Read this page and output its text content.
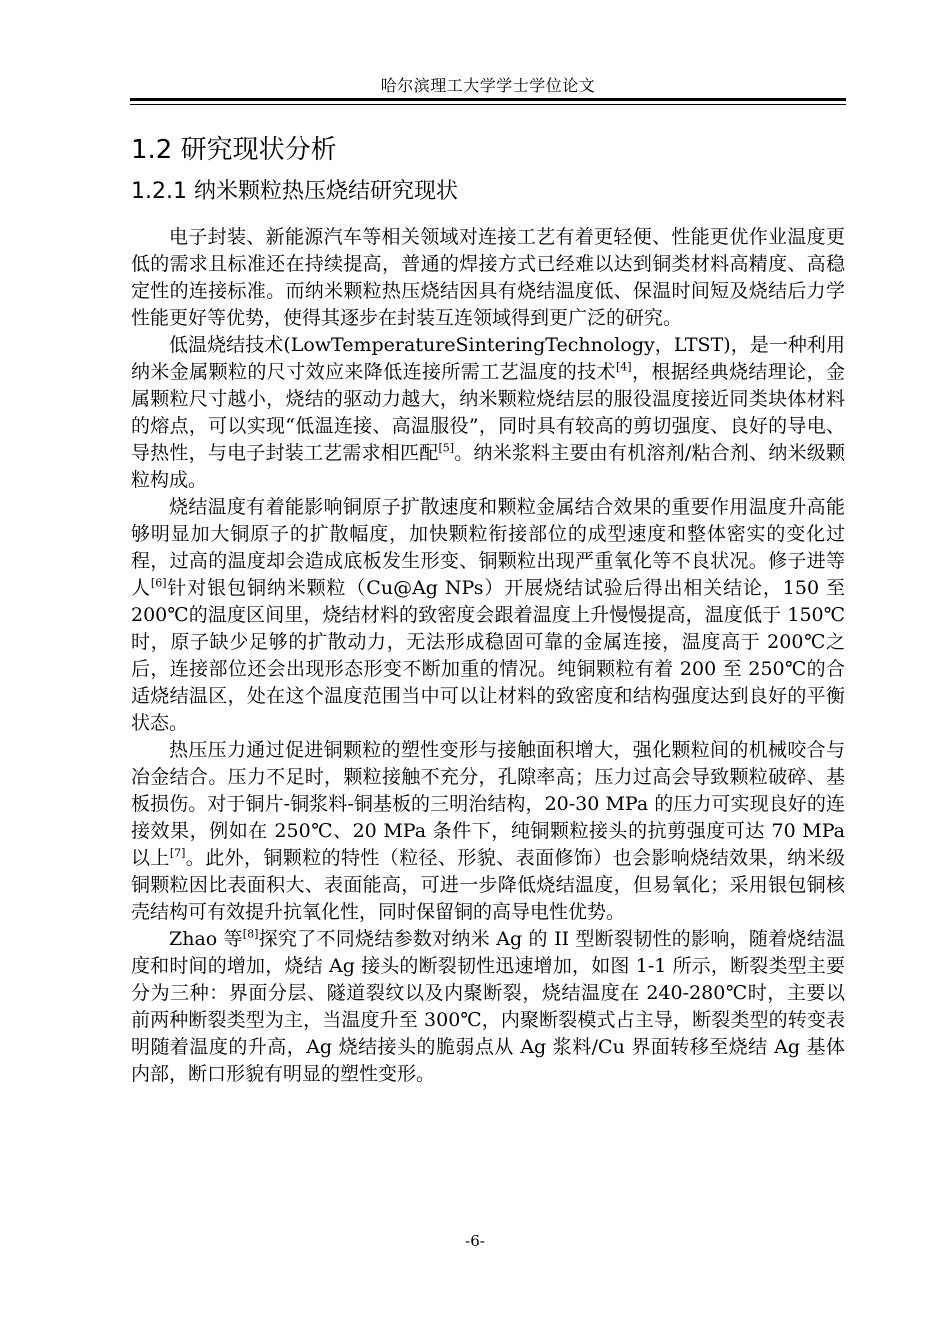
哈尔滨理工大学学士学位论文
1.2 研究现状分析
1.2.1 纳米颗粒热压烧结研究现状

电子封装、新能源汽车等相关领域对连接工艺有着更轻便、性能更优作业温度更低的需求且标准还在持续提高，普通的焊接方式已经难以达到铜类材料高精度、高稳定性的连接标准。而纳米颗粒热压烧结因具有烧结温度低、保温时间短及烧结后力学性能更好等优势，使得其逐步在封装互连领域得到更广泛的研究。

低温烧结技术(LowTemperatureSinteringTechnology，LTST)，是一种利用纳米金属颗粒的尺寸效应来降低连接所需工艺温度的技术[4]，根据经典烧结理论，金属颗粒尺寸越小，烧结的驱动力越大，纳米颗粒烧结层的服役温度接近同类块体材料的熔点，可以实现“低温连接、高温服役”，同时具有较高的剪切强度、良好的导电、导热性，与电子封装工艺需求相匹配[5]。纳米浆料主要由有机溶剂/粘合剂、纳米级颗粒构成。

烧结温度有着能影响铜原子扩散速度和颗粒金属结合效果的重要作用温度升高能够明显加大铜原子的扩散幅度，加快颗粒衔接部位的成型速度和整体密实的变化过程，过高的温度却会造成底板发生形变、铜颗粒出现严重氧化等不良状况。修子进等人[6]针对银包铜纳米颗粒（Cu@Ag NPs）开展烧结试验后得出相关结论，150 至 200℃的温度区间里，烧结材料的致密度会跟着温度上升慢慢提高，温度低于 150℃时，原子缺少足够的扩散动力，无法形成稳固可靠的金属连接，温度高于 200℃之后，连接部位还会出现形态形变不断加重的情况。纯铜颗粒有着 200 至 250℃的合适烧结温区，处在这个温度范围当中可以让材料的致密度和结构强度达到良好的平衡状态。

热压压力通过促进铜颗粒的塑性变形与接触面积增大，强化颗粒间的机械咬合与冶金结合。压力不足时，颗粒接触不充分，孔隙率高；压力过高会导致颗粒破碎、基板损伤。对于铜片-铜浆料-铜基板的三明治结构，20-30 MPa 的压力可实现良好的连接效果，例如在 250℃、20 MPa 条件下，纯铜颗粒接头的抗剪强度可达 70 MPa 以上[7]。此外，铜颗粒的特性（粒径、形貌、表面修饰）也会影响烧结效果，纳米级铜颗粒因比表面积大、表面能高，可进一步降低烧结温度，但易氧化；采用银包铜核壳结构可有效提升抗氧化性，同时保留铜的高导电性优势。

Zhao 等[8]探究了不同烧结参数对纳米 Ag 的 II 型断裂韧性的影响，随着烧结温度和时间的增加，烧结 Ag 接头的断裂韧性迅速增加，如图 1-1 所示，断裂类型主要分为三种：界面分层、隧道裂纹以及内聚断裂，烧结温度在 240-280℃时，主要以前两种断裂类型为主，当温度升至 300℃，内聚断裂模式占主导，断裂类型的转变表明随着温度的升高，Ag 烧结接头的脆弱点从 Ag 浆料/Cu 界面转移至烧结 Ag 基体内部，断口形貌有明显的塑性变形。

-6-
